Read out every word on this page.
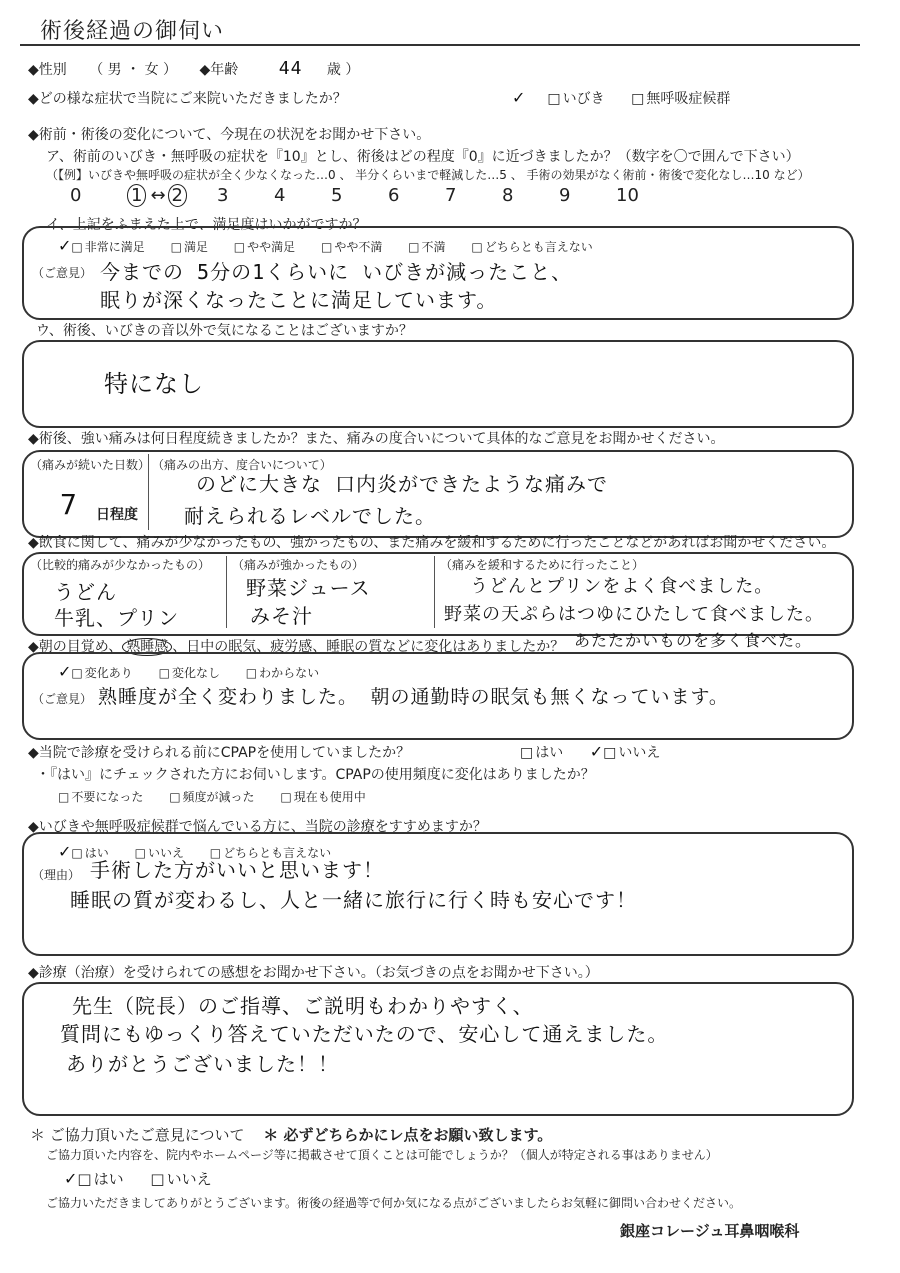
術後経過の御伺い
◆性別 （ 男 ・ 女 ） ◆年齢 44 歳 ）
◆どの様な症状で当院にご来院いただきましたか？	✓	□ いびき	□ 無呼吸症候群
◆術前・術後の変化について、今現在の状況をお聞かせ下さい。
ア、術前のいびき・無呼吸の症状を『10』とし、術後はどの程度『0』に近づきましたか？（数字を〇で囲んで下さい）
（【例】いびきや無呼吸の症状が全く少なくなった…0 、 半分くらいまで軽減した…5 、 手術の効果がなく術前・術後で変化なし…10 など）
0	1 ↔ 2 3	4	5	6	7	8	9	10
イ、上記をふまえた上で、満足度はいかがですか？
✓ □ 非常に満足	□ 満足	□ やや満足	□ やや不満	□ 不満	□ どちらとも言えない
（ご意見） 今までの 5分の1くらいに いびきが減ったこと、
眠りが深くなったことに満足しています。
ウ、術後、いびきの音以外で気になることはございますか？
特になし
◆術後、強い痛みは何日程度続きましたか？また、痛みの度合いについて具体的なご意見をお聞かせください。
（痛みが続いた日数）
7 日程度
（痛みの出方、度合いについて）
のどに大きな 口内炎ができたような痛みで
耐えられるレベルでした。
◆飲食に関して、痛みが少なかったもの、強かったもの、また痛みを緩和するために行ったことなどがあればお聞かせください。
（比較的痛みが少なかったもの）
うどん
牛乳、プリン
（痛みが強かったもの）
野菜ジュース
みそ汁
（痛みを緩和するために行ったこと）
うどんとプリンをよく食べました。
野菜の天ぷらはつゆにひたして食べました。
あたたかいものを多く食べた。
◆朝の目覚め、 熟睡感 、日中の眠気、疲労感、睡眠の質などに変化はありましたか？
✓ □ 変化あり	□ 変化なし	□ わからない
（ご意見） 熟睡度が全く変わりました。 朝の通勤時の眠気も無くなっています。
◆当院で診療を受けられる前にCPAPを使用していましたか？	□ はい ✓ □ いいえ
・『はい』にチェックされた方にお伺いします。CPAPの使用頻度に変化はありましたか？
□ 不要になった	□ 頻度が減った	□ 現在も使用中
◆いびきや無呼吸症候群で悩んでいる方に、当院の診療をすすめますか？
✓ □ はい	□ いいえ	□ どちらとも言えない
（理由） 手術した方がいいと思います！
睡眠の質が変わるし、人と一緒に旅行に行く時も安心です！
◆診療（治療）を受けられての感想をお聞かせ下さい。（お気づきの点をお聞かせ下さい。）
先生（院長）のご指導、ご説明もわかりやすく、
質問にもゆっくり答えていただいたので、安心して通えました。
ありがとうございました！！
＊ ご協力頂いたご意見について ＊ 必ずどちらかにレ点をお願い致します。
ご協力頂いた内容を、院内やホームページ等に掲載させて頂くことは可能でしょうか？（個人が特定される事はありません）
✓ □ はい	□ いいえ
ご協力いただきましてありがとうございます。術後の経過等で何か気になる点がございましたらお気軽に御問い合わせください。
銀座コレージュ耳鼻咽喉科
